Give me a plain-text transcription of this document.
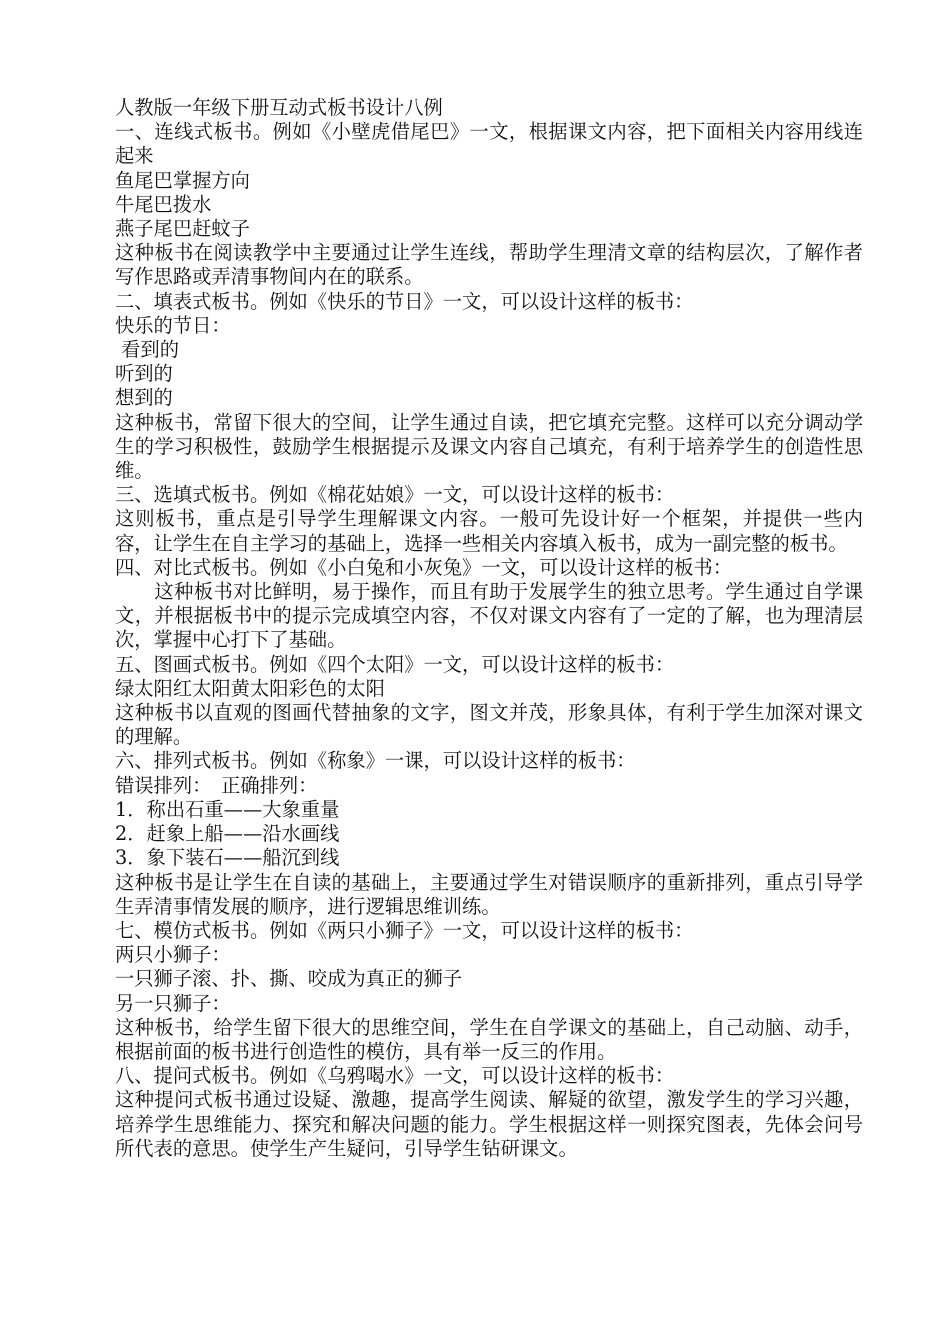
人教版一年级下册互动式板书设计八例

一、连线式板书。例如《小壁虎借尾巴》一文，根据课文内容，把下面相关内容用线连起来

鱼尾巴掌握方向

牛尾巴拨水

燕子尾巴赶蚊子

这种板书在阅读教学中主要通过让学生连线，帮助学生理清文章的结构层次，了解作者写作思路或弄清事物间内在的联系。

二、填表式板书。例如《快乐的节日》一文，可以设计这样的板书：

快乐的节日：

看到的

听到的

想到的

这种板书，常留下很大的空间，让学生通过自读，把它填充完整。这样可以充分调动学生的学习积极性，鼓励学生根据提示及课文内容自己填充，有利于培养学生的创造性思维。

三、选填式板书。例如《棉花姑娘》一文，可以设计这样的板书：

这则板书，重点是引导学生理解课文内容。一般可先设计好一个框架，并提供一些内容，让学生在自主学习的基础上，选择一些相关内容填入板书，成为一副完整的板书。

四、对比式板书。例如《小白兔和小灰兔》一文，可以设计这样的板书：

　　这种板书对比鲜明，易于操作，而且有助于发展学生的独立思考。学生通过自学课文，并根据板书中的提示完成填空内容，不仅对课文内容有了一定的了解，也为理清层次，掌握中心打下了基础。

五、图画式板书。例如《四个太阳》一文，可以设计这样的板书：

绿太阳红太阳黄太阳彩色的太阳

这种板书以直观的图画代替抽象的文字，图文并茂，形象具体，有利于学生加深对课文的理解。

六、排列式板书。例如《称象》一课，可以设计这样的板书：

错误排列：　正确排列：

1．称出石重——大象重量

2．赶象上船——沿水画线

3．象下装石——船沉到线

这种板书是让学生在自读的基础上，主要通过学生对错误顺序的重新排列，重点引导学生弄清事情发展的顺序，进行逻辑思维训练。

七、模仿式板书。例如《两只小狮子》一文，可以设计这样的板书：

两只小狮子：

一只狮子滚、扑、撕、咬成为真正的狮子

另一只狮子：

这种板书，给学生留下很大的思维空间，学生在自学课文的基础上，自己动脑、动手，根据前面的板书进行创造性的模仿，具有举一反三的作用。

八、提问式板书。例如《乌鸦喝水》一文，可以设计这样的板书：

这种提问式板书通过设疑、激趣，提高学生阅读、解疑的欲望，激发学生的学习兴趣，培养学生思维能力、探究和解决问题的能力。学生根据这样一则探究图表，先体会问号所代表的意思。使学生产生疑问，引导学生钻研课文。
